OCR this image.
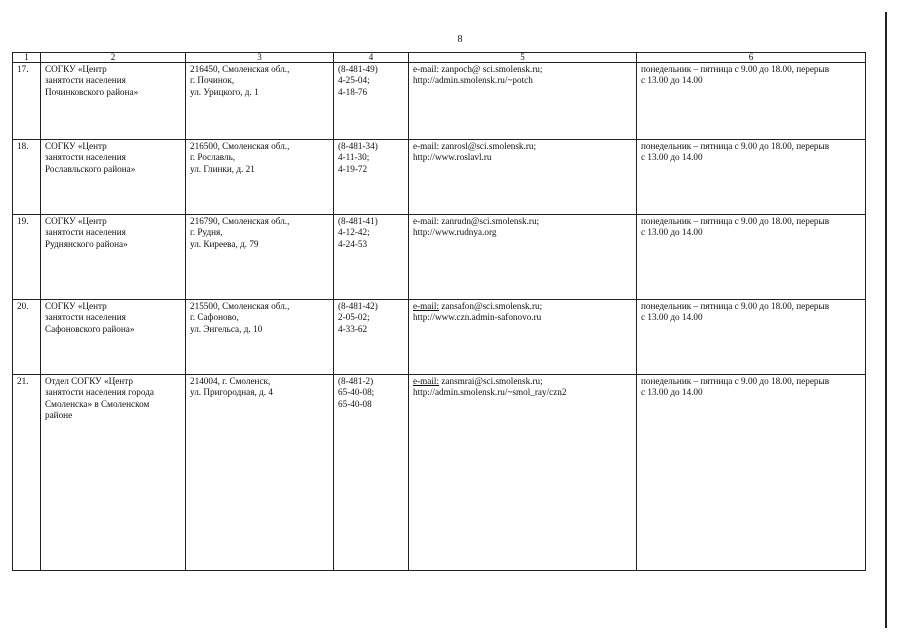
8
1	2	3	4	5	6
17.	СОГКУ «Центр
занятости населения
Починковского района»	216450, Смоленская обл.,
г. Починок,
ул. Урицкого, д. 1	(8-481-49)
4-25-04;
4-18-76	e-mail: zanpoch@ sci.smolensk.ru;
http://admin.smolensk.ru/~potch	понедельник – пятница с 9.00 до 18.00, перерыв
с 13.00 до 14.00

18.	СОГКУ «Центр
занятости населения
Рославльского района»	216500, Смоленская обл.,
г. Рославль,
ул. Глинки, д. 21	(8-481-34)
4-11-30;
4-19-72	e-mail: zanrosl@sci.smolensk.ru;
http://www.roslavl.ru	понедельник – пятница с 9.00 до 18.00, перерыв
с 13.00 до 14.00

19.	СОГКУ «Центр
занятости населения
Руднянского района»	216790, Смоленская обл.,
г. Рудня,
ул. Киреева, д. 79	(8-481-41)
4-12-42;
4-24-53	e-mail: zanrudn@sci.smolensk.ru;
http://www.rudnya.org	понедельник – пятница с 9.00 до 18.00, перерыв
с 13.00 до 14.00

20.	СОГКУ «Центр
занятости населения
Сафоновского района»	215500, Смоленская обл.,
г. Сафоново,
ул. Энгельса, д. 10	(8-481-42)
2-05-02;
4-33-62	e-mail: zansafon@sci.smolensk.ru;
http://www.czn.admin-safonovo.ru	понедельник – пятница с 9.00 до 18.00, перерыв
с 13.00 до 14.00

21.	Отдел СОГКУ «Центр
занятости населения города
Смоленска» в Смоленском
районе	214004, г. Смоленск,
ул. Пригородная, д. 4	(8-481-2)
65-40-08;
65-40-08	e-mail: zansmrai@sci.smolensk.ru;
http://admin.smolensk.ru/~smol_ray/czn2	понедельник – пятница с 9.00 до 18.00, перерыв
с 13.00 до 14.00
